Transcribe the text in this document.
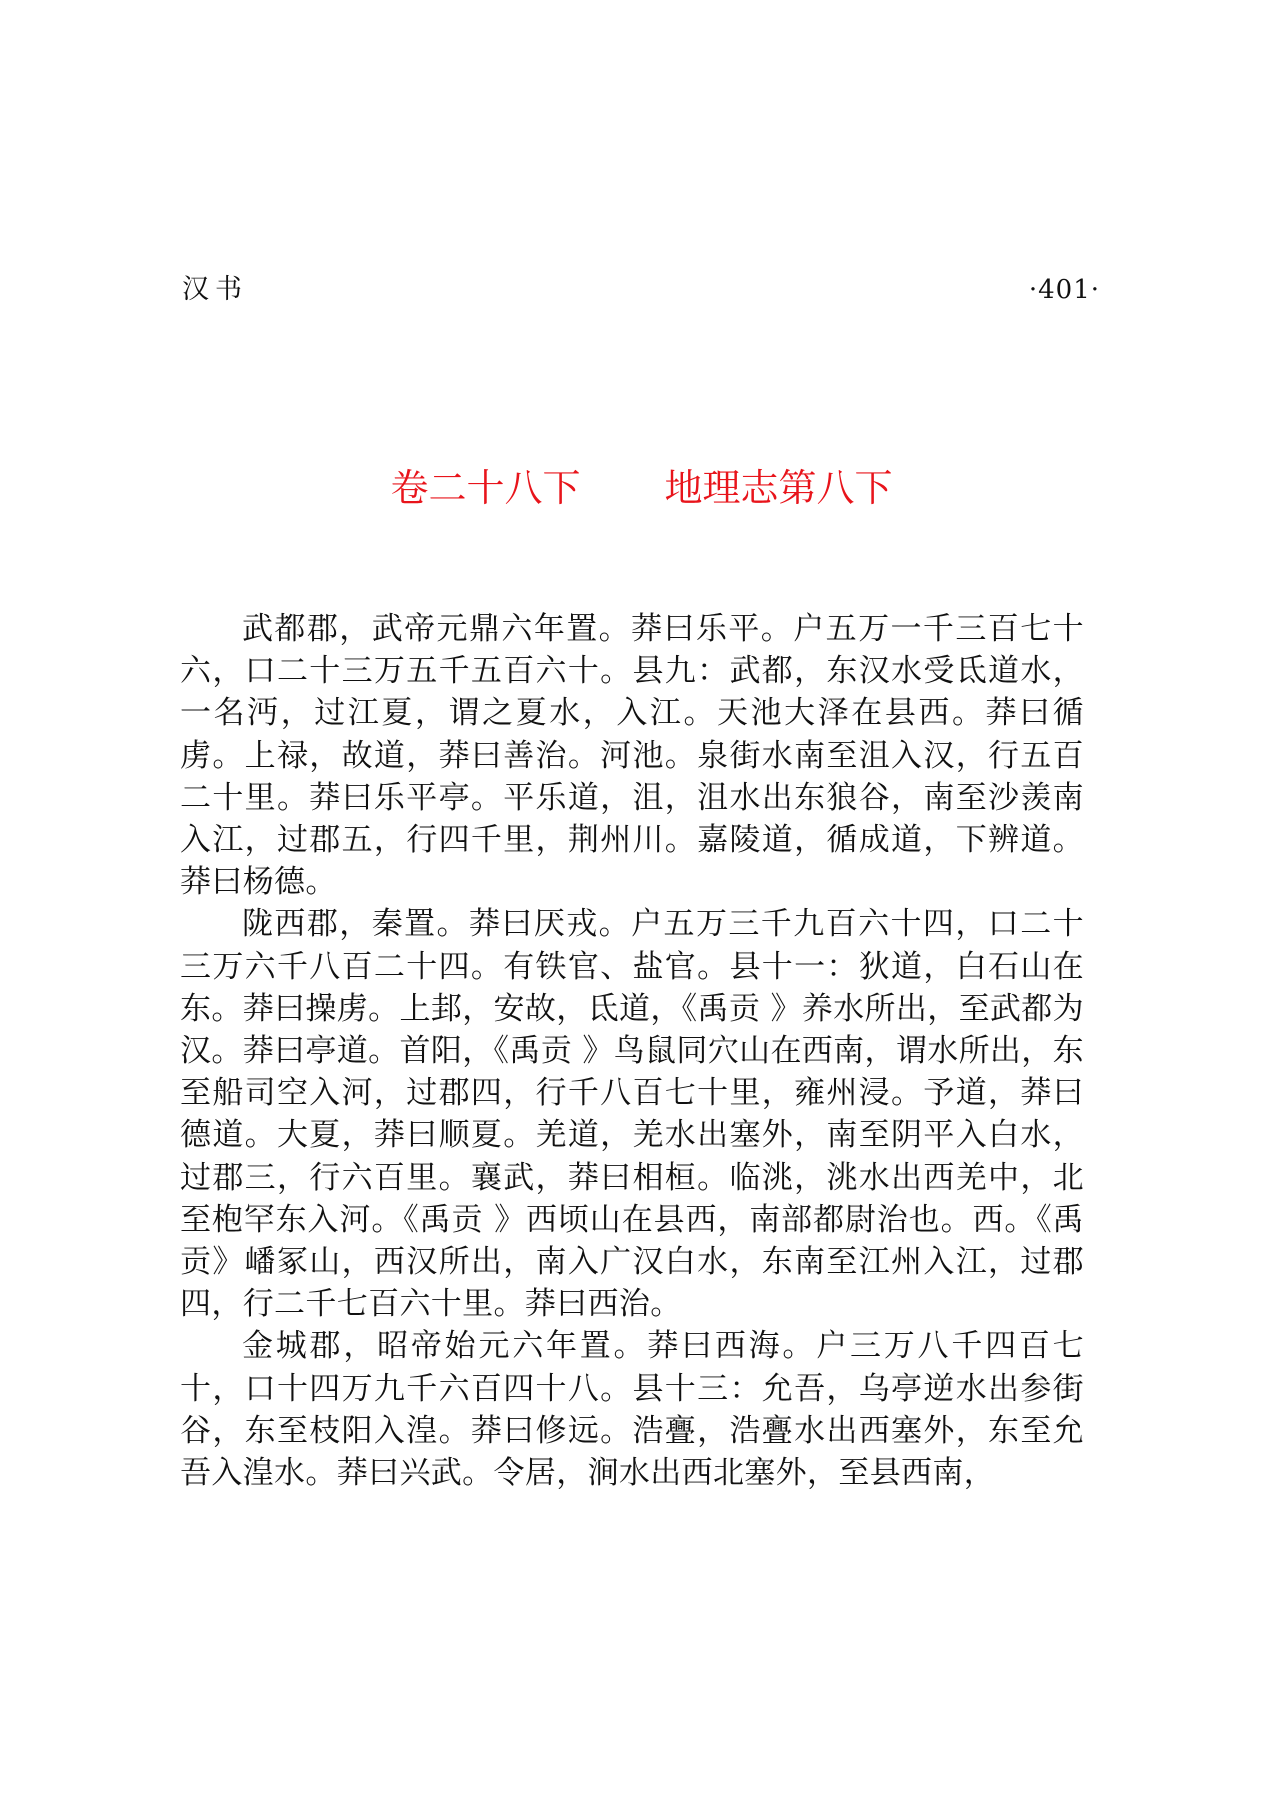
汉书	·401·
卷二十八下 地理志第八下

武都郡，武帝元鼎六年置。莽曰乐平。户五万一千三百七十六，口二十三万五千五百六十。县九：武都，东汉水受氐道水，一名沔，过江夏，谓之夏水，入江。天池大泽在县西。莽曰循虏。上禄，故道，莽曰善治。河池。泉街水南至沮入汉，行五百二十里。莽曰乐平亭。平乐道，沮，沮水出东狼谷，南至沙羡南入江，过郡五，行四千里，荆州川。嘉陵道，循成道，下辨道。莽曰杨德。

陇西郡，秦置。莽曰厌戎。户五万三千九百六十四，口二十三万六千八百二十四。有铁官、盐官。县十一：狄道，白石山在东。莽曰操虏。上邽，安故，氐道，《禹贡 》养水所出，至武都为汉。莽曰亭道。首阳，《禹贡 》鸟鼠同穴山在西南，谓水所出，东至船司空入河，过郡四，行千八百七十里，雍州浸。予道，莽曰德道。大夏，莽曰顺夏。羌道，羌水出塞外，南至阴平入白水，过郡三，行六百里。襄武，莽曰相桓。临洮，洮水出西羌中，北至枹罕东入河。《禹贡 》西顷山在县西，南部都尉治也。西。《禹贡》嶓冢山，西汉所出，南入广汉白水，东南至江州入江，过郡四，行二千七百六十里。莽曰西治。

金城郡，昭帝始元六年置。莽曰西海。户三万八千四百七十，口十四万九千六百四十八。县十三：允吾，乌亭逆水出参街谷，东至枝阳入湟。莽曰修远。浩亹，浩亹水出西塞外，东至允吾入湟水。莽曰兴武。令居，涧水出西北塞外，至县西南，
